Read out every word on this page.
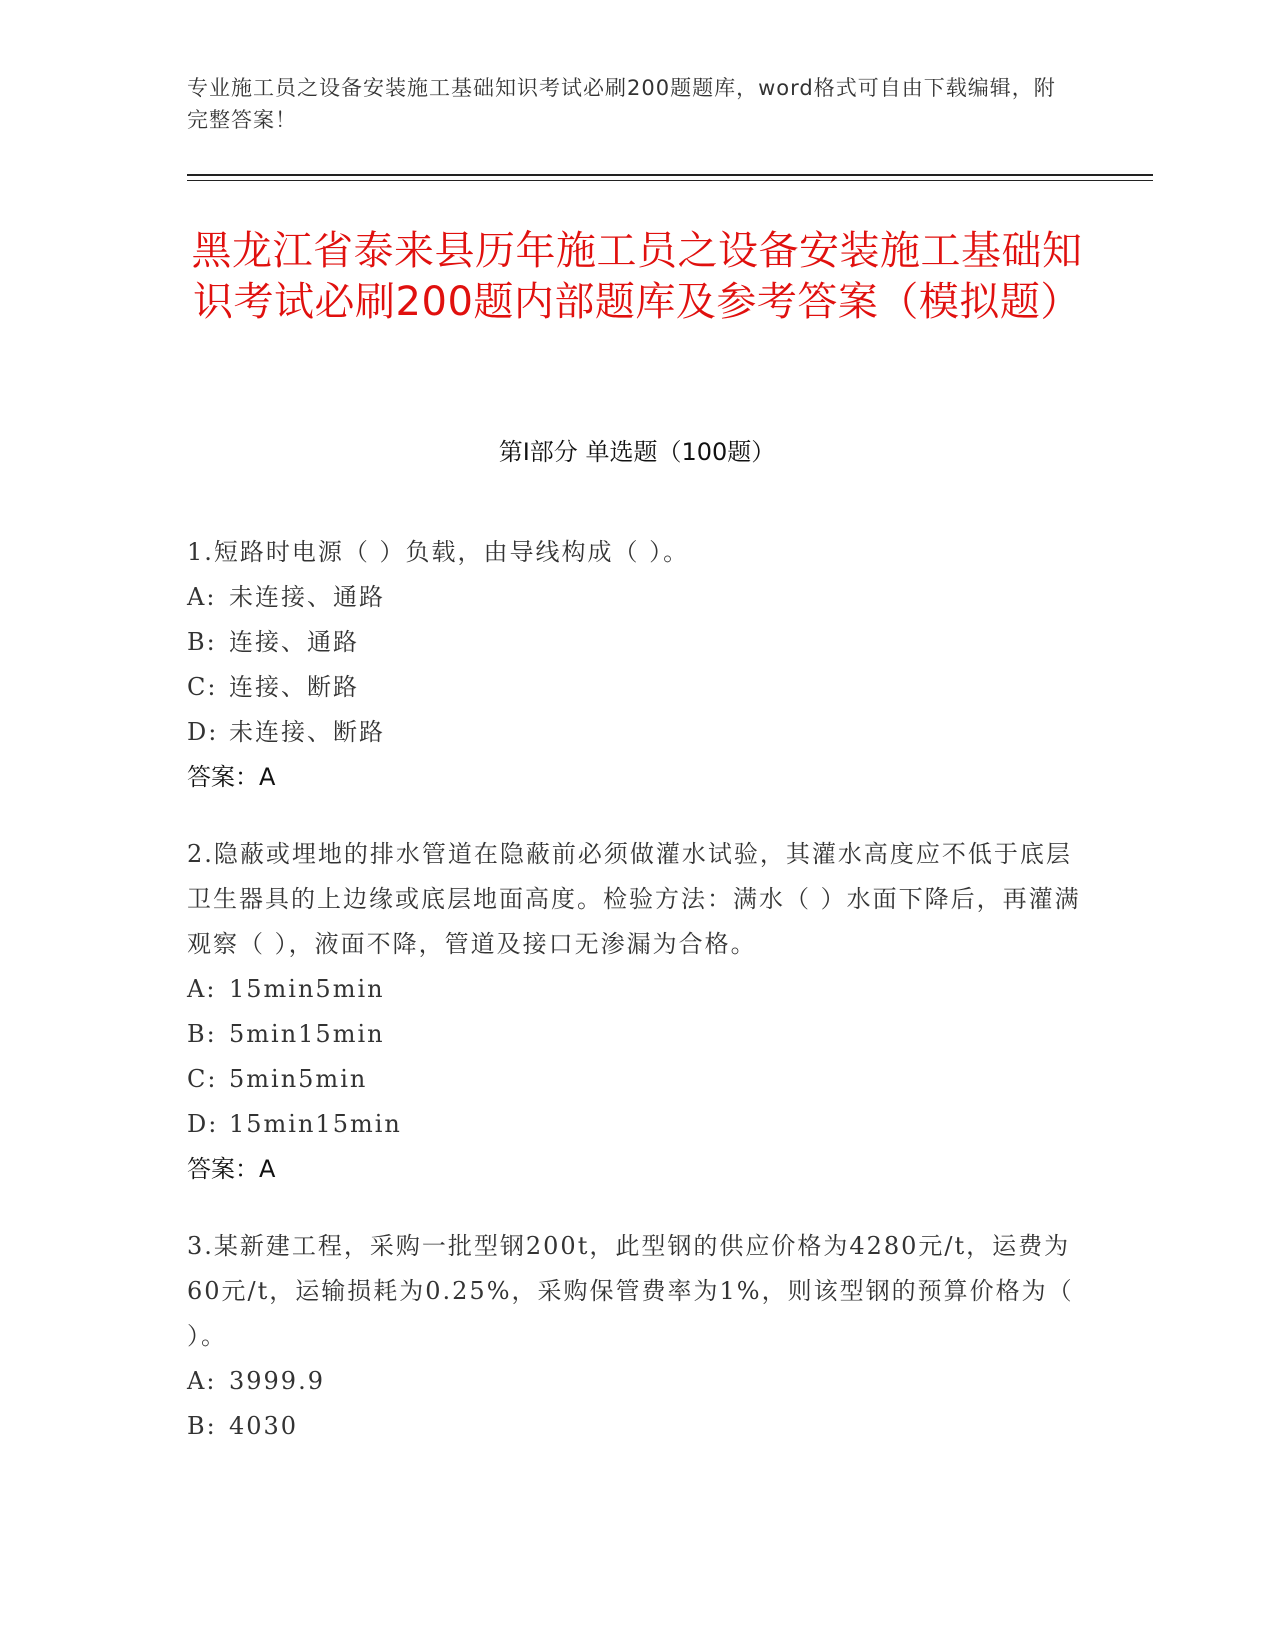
专业施工员之设备安装施工基础知识考试必刷200题题库，word格式可自由下载编辑，附完整答案！
黑龙江省泰来县历年施工员之设备安装施工基础知识考试必刷200题内部题库及参考答案（模拟题）
第Ⅰ部分 单选题（100题）

1.短路时电源（ ）负载，由导线构成（ ）。

A: 未连接、通路

B: 连接、通路

C: 连接、断路

D: 未连接、断路

答案：A

2.隐蔽或埋地的排水管道在隐蔽前必须做灌水试验，其灌水高度应不低于底层卫生器具的上边缘或底层地面高度。检验方法：满水（ ）水面下降后，再灌满观察（ ），液面不降，管道及接口无渗漏为合格。

A: 15min5min

B: 5min15min

C: 5min5min

D: 15min15min

答案：A

3.某新建工程，采购一批型钢200t，此型钢的供应价格为4280元/t，运费为60元/t，运输损耗为0.25%，采购保管费率为1%，则该型钢的预算价格为（ ）。

A: 3999.9

B: 4030
